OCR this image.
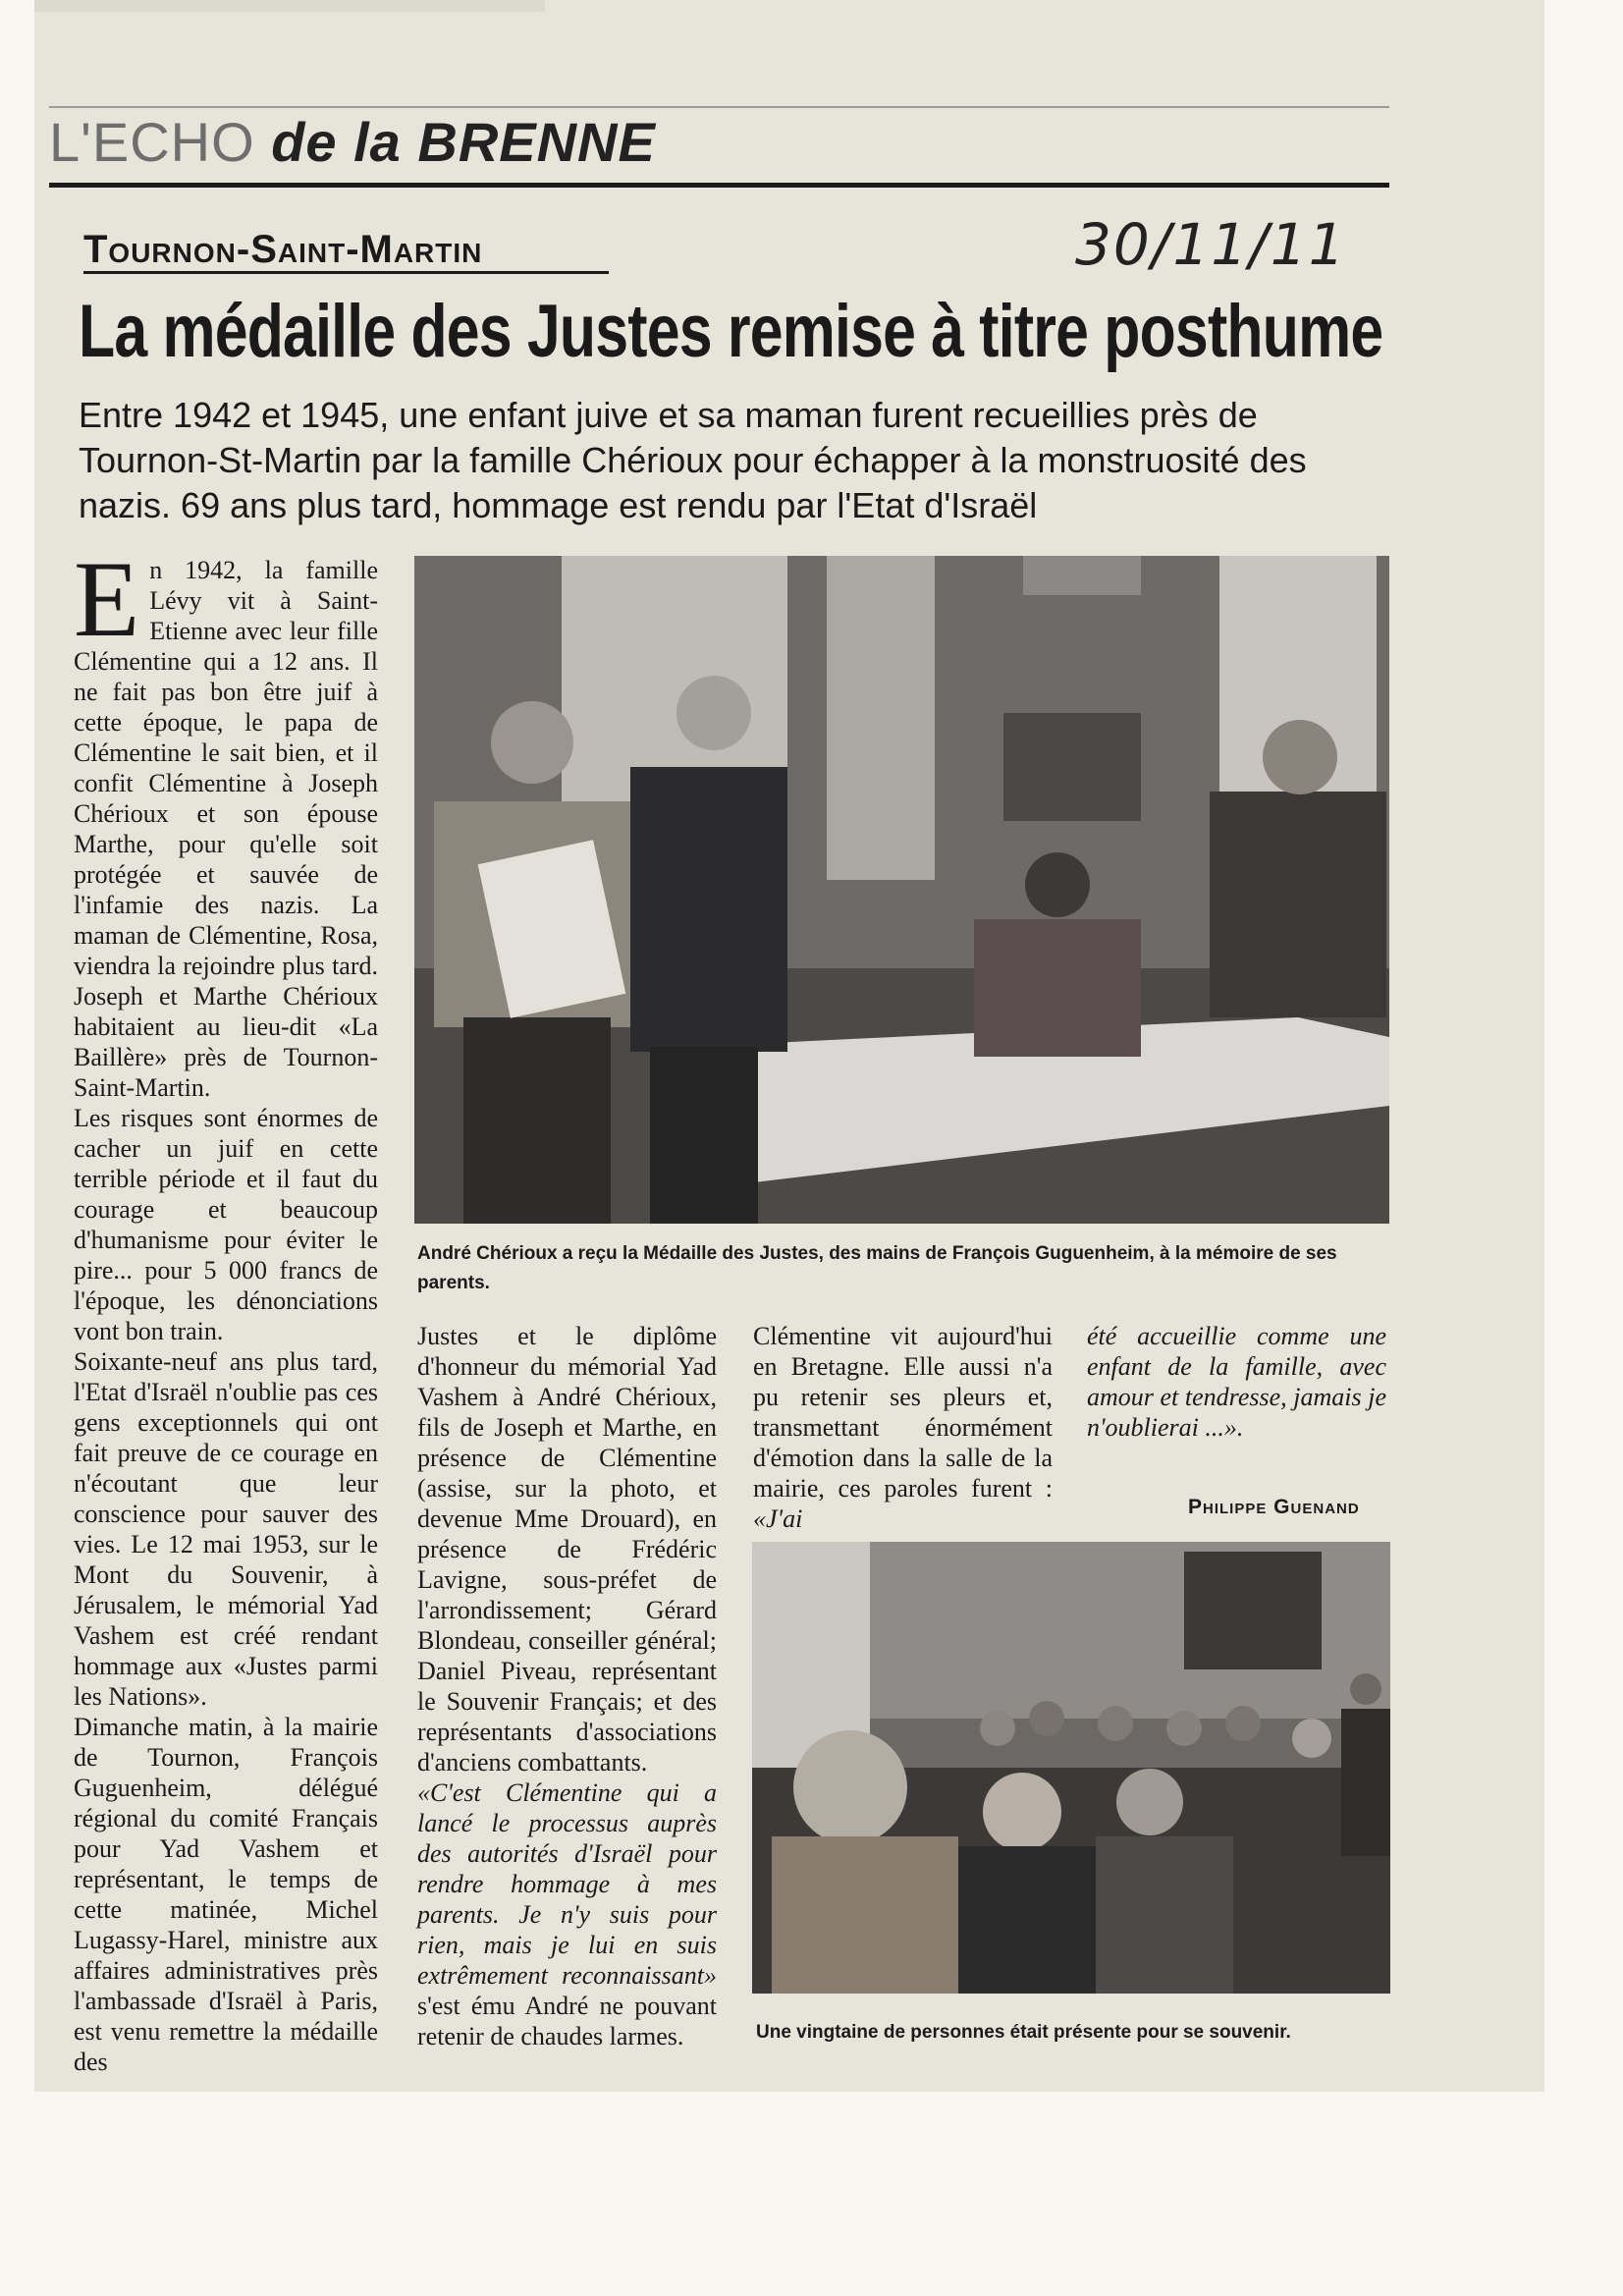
L'ECHO de la BRENNE
Tournon-Saint-Martin	30/11/11
La médaille des Justes remise à titre posthume
Entre 1942 et 1945, une enfant juive et sa maman furent recueillies près de Tournon-St-Martin par la famille Chérioux pour échapper à la monstruosité des nazis. 69 ans plus tard, hommage est rendu par l'Etat d'Israël

En 1942, la famille Lévy vit à Saint-Etienne avec leur fille Clémentine qui a 12 ans. Il ne fait pas bon être juif à cette époque, le papa de Clémentine le sait bien, et il confit Clémentine à Joseph Chérioux et son épouse Marthe, pour qu'elle soit protégée et sauvée de l'infamie des nazis. La maman de Clémentine, Rosa, viendra la rejoindre plus tard. Joseph et Marthe Chérioux habitaient au lieu-dit «La Baillère» près de Tournon-Saint-Martin.

Les risques sont énormes de cacher un juif en cette terrible période et il faut du courage et beaucoup d'humanisme pour éviter le pire... pour 5 000 francs de l'époque, les dénonciations vont bon train.

Soixante-neuf ans plus tard, l'Etat d'Israël n'oublie pas ces gens exceptionnels qui ont fait preuve de ce courage en n'écoutant que leur conscience pour sauver des vies. Le 12 mai 1953, sur le Mont du Souvenir, à Jérusalem, le mémorial Yad Vashem est créé rendant hommage aux «Justes parmi les Nations».

Dimanche matin, à la mairie de Tournon, François Guguenheim, délégué régional du comité Français pour Yad Vashem et représentant, le temps de cette matinée, Michel Lugassy-Harel, ministre aux affaires administratives près l'ambassade d'Israël à Paris, est venu remettre la médaille des

André Chérioux a reçu la Médaille des Justes, des mains de François Guguenheim, à la mémoire de ses parents.

Justes et le diplôme d'honneur du mémorial Yad Vashem à André Chérioux, fils de Joseph et Marthe, en présence de Clémentine (assise, sur la photo, et devenue Mme Drouard), en présence de Frédéric Lavigne, sous-préfet de l'arrondissement; Gérard Blondeau, conseiller général; Daniel Piveau, représentant le Souvenir Français; et des représentants d'associations d'anciens combattants.

«C'est Clémentine qui a lancé le processus auprès des autorités d'Israël pour rendre hommage à mes parents. Je n'y suis pour rien, mais je lui en suis extrêmement reconnaissant» s'est ému André ne pouvant retenir de chaudes larmes.

Clémentine vit aujourd'hui en Bretagne. Elle aussi n'a pu retenir ses pleurs et, transmettant énormément d'émotion dans la salle de la mairie, ces paroles furent : «J'ai

été accueillie comme une enfant de la famille, avec amour et tendresse, jamais je n'oublierai ...».

Philippe Guenand
Une vingtaine de personnes était présente pour se souvenir.
